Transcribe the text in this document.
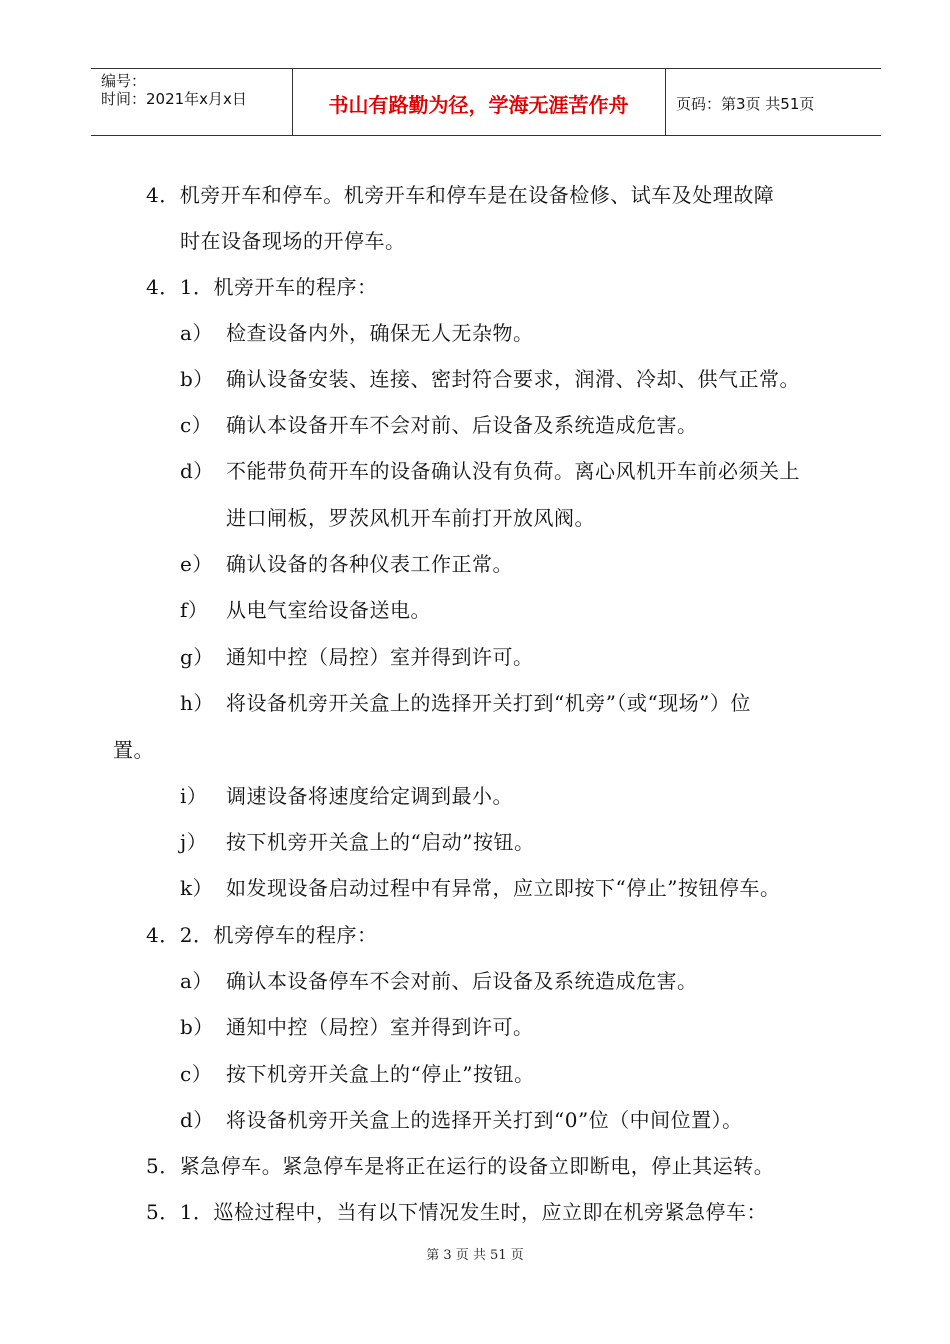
编号：
时间：2021年x月x日	书山有路勤为径，学海无涯苦作舟	页码：第3页 共51页
4．机旁开车和停车。机旁开车和停车是在设备检修、试车及处理故障
时在设备现场的开停车。
4．1．机旁开车的程序：
a） 检查设备内外，确保无人无杂物。
b） 确认设备安装、连接、密封符合要求，润滑、冷却、供气正常。
c） 确认本设备开车不会对前、后设备及系统造成危害。
d） 不能带负荷开车的设备确认没有负荷。离心风机开车前必须关上
进口闸板，罗茨风机开车前打开放风阀。
e） 确认设备的各种仪表工作正常。
f） 从电气室给设备送电。
g） 通知中控（局控）室并得到许可。
h） 将设备机旁开关盒上的选择开关打到“机旁”（或“现场”）位
置。
i） 调速设备将速度给定调到最小。
j） 按下机旁开关盒上的“启动”按钮。
k） 如发现设备启动过程中有异常，应立即按下“停止”按钮停车。
4．2．机旁停车的程序：
a） 确认本设备停车不会对前、后设备及系统造成危害。
b） 通知中控（局控）室并得到许可。
c） 按下机旁开关盒上的“停止”按钮。
d） 将设备机旁开关盒上的选择开关打到“0”位（中间位置）。
5．紧急停车。紧急停车是将正在运行的设备立即断电，停止其运转。
5．1．巡检过程中，当有以下情况发生时，应立即在机旁紧急停车：
第 3 页 共 51 页
